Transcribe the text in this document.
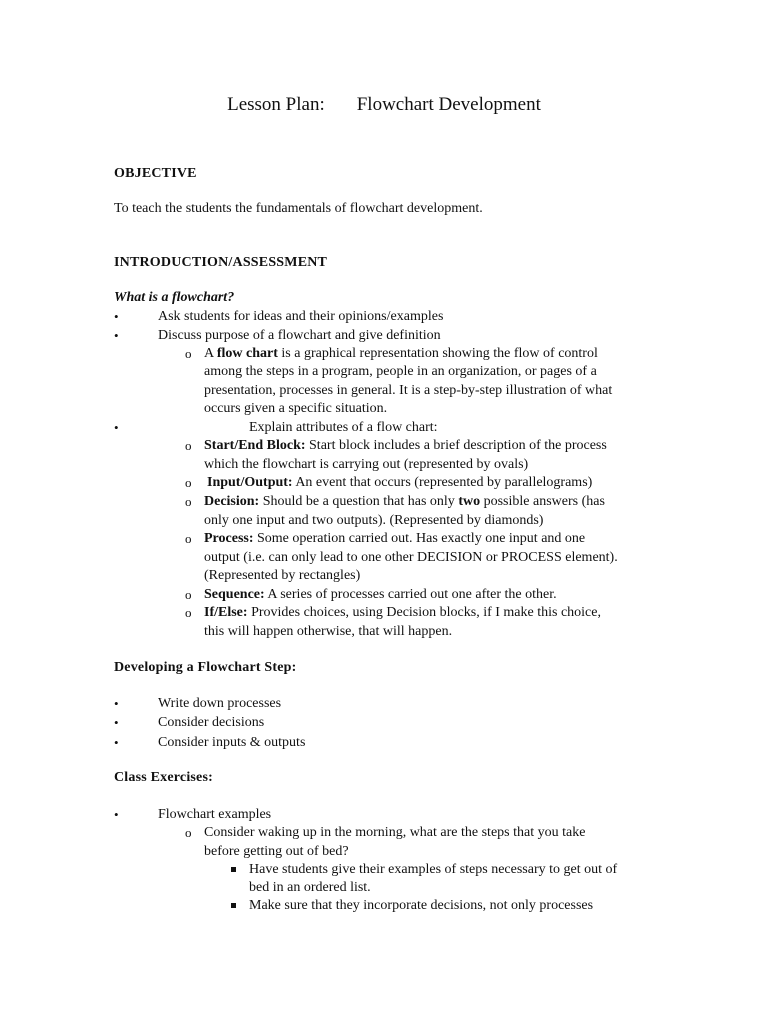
Lesson Plan: Flowchart Development
OBJECTIVE
To teach the students the fundamentals of flowchart development.
INTRODUCTION/ASSESSMENT
What is a flowchart?
•	Ask students for ideas and their opinions/examples
•	Discuss purpose of a flowchart and give definition
o A flow chart is a graphical representation showing the flow of control
among the steps in a program, people in an organization, or pages of a
presentation, processes in general. It is a step-by-step illustration of what
occurs given a specific situation.
•	Explain attributes of a flow chart:
o Start/End Block: Start block includes a brief description of the process
which the flowchart is carrying out (represented by ovals)
o Input/Output: An event that occurs (represented by parallelograms)
o Decision: Should be a question that has only two possible answers (has
only one input and two outputs). (Represented by diamonds)
o Process: Some operation carried out. Has exactly one input and one
output (i.e. can only lead to one other DECISION or PROCESS element).
(Represented by rectangles)
o Sequence: A series of processes carried out one after the other.
o If/Else: Provides choices, using Decision blocks, if I make this choice,
this will happen otherwise, that will happen.
Developing a Flowchart Step:
•	Write down processes
•	Consider decisions
•	Consider inputs & outputs
Class Exercises:
•	Flowchart examples
o Consider waking up in the morning, what are the steps that you take
before getting out of bed?
Have students give their examples of steps necessary to get out of
bed in an ordered list.
Make sure that they incorporate decisions, not only processes
